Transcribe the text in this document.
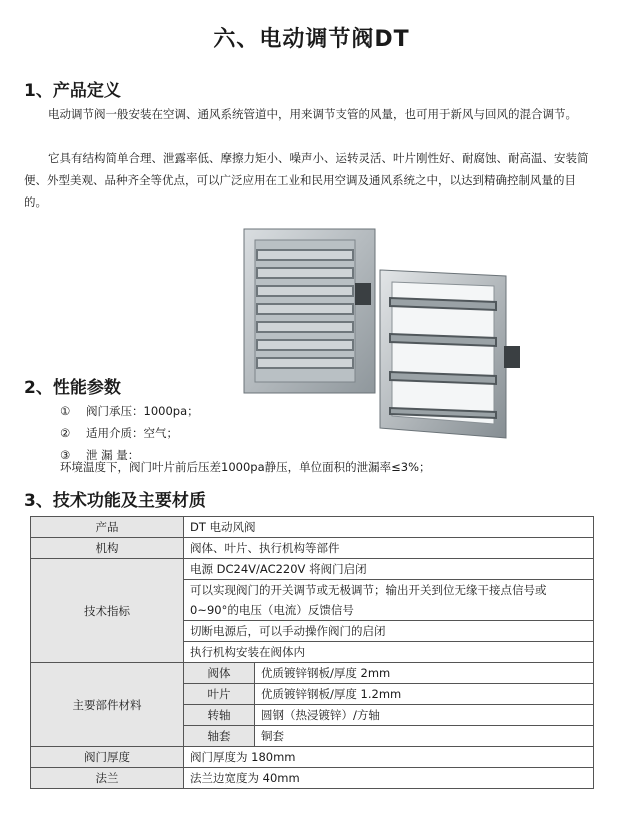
六、电动调节阀DT
1、产品定义
电动调节阀一般安装在空调、通风系统管道中，用来调节支管的风量，也可用于新风与回风的混合调节。
它具有结构简单合理、泄露率低、摩擦力矩小、噪声小、运转灵活、叶片刚性好、耐腐蚀、耐高温、安装简便、外型美观、品种齐全等优点，可以广泛应用在工业和民用空调及通风系统之中，以达到精确控制风量的目的。
2、性能参数
① 阀门承压：1000pa；
② 适用介质：空气；
③ 泄 漏 量：
环境温度下，阀门叶片前后压差1000pa静压，单位面积的泄漏率≤3%；
3、技术功能及主要材质
产品	DT 电动风阀	
机构	阀体、叶片、执行机构等部件	
技术指标	电源 DC24V/AC220V 将阀门启闭	
	可以实现阀门的开关调节或无极调节；输出开关到位无缘干接点信号或	
	0~90°的电压（电流）反馈信号	
	切断电源后，可以手动操作阀门的启闭	
	执行机构安装在阀体内	
主要部件材料	阀体	优质镀锌钢板/厚度 2mm
	叶片	优质镀锌钢板/厚度 1.2mm
	转轴	圆钢（热浸镀锌）/方轴
	轴套	铜套
阀门厚度	阀门厚度为 180mm	
法兰	法兰边宽度为 40mm	
